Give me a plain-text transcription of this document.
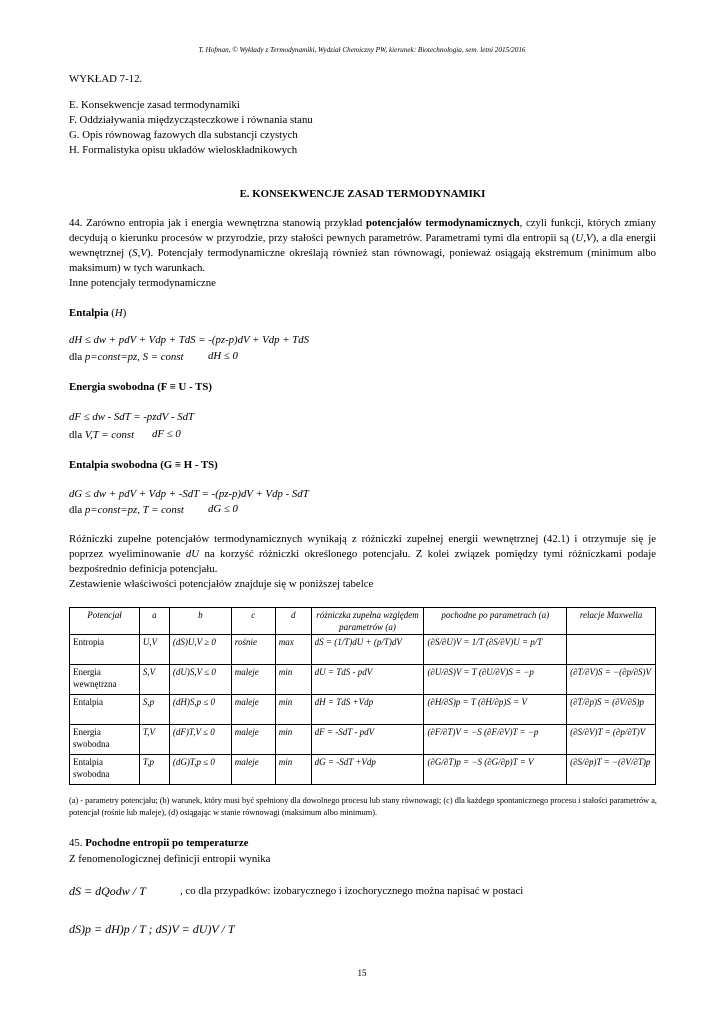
T. Hofman, © Wykłady z Termodynamiki, Wydział Chemiczny PW, kierunek: Biotechnologia, sem. letni 2015/2016
WYKŁAD 7-12.
E. Konsekwencje zasad termodynamiki
F. Oddziaływania międzycząsteczkowe i równania stanu
G. Opis równowag fazowych dla substancji czystych
H. Formalistyka opisu układów wieloskładnikowych
E. KONSEKWENCJE ZASAD TERMODYNAMIKI
44. Zarówno entropia jak i energia wewnętrzna stanowią przykład potencjałów termodynamicznych, czyli funkcji, których zmiany decydują o kierunku procesów w przyrodzie, przy stałości pewnych parametrów. Parametrami tymi dla entropii są (U,V), a dla energii wewnętrznej (S,V). Potencjały termodynamiczne określają również stan równowagi, ponieważ osiągają ekstremum (minimum albo maksimum) w tych warunkach.
Inne potencjały termodynamiczne
Entalpia (H)
dH ≤ dw + pdV + Vdp + TdS = -(pz-p)dV + Vdp + TdS
dla p=const=pz, S = const dH ≤ 0
Energia swobodna (F ≡ U - TS)
dF ≤ dw - SdT = -pzdV - SdT
dla V,T = const dF ≤ 0
Entalpia swobodna (G ≡ H - TS)
dG ≤ dw + pdV + Vdp + -SdT = -(pz-p)dV + Vdp - SdT
dla p=const=pz, T = const dG ≤ 0
Różniczki zupełne potencjałów termodynamicznych wynikają z różniczki zupełnej energii wewnętrznej (42.1) i otrzymuje się je poprzez wyeliminowanie dU na korzyść różniczki określonego potencjału. Z kolei związek pomiędzy tymi różniczkami podaje bezpośrednio definicja potencjału.
Zestawienie właściwości potencjałów znajduje się w poniższej tabelce
Potencjał	a	b	c	d	różniczka zupełna względem parametrów (a)	pochodne po parametrach (a)	relacje Maxwella
Entropia	U,V	(dS)U,V ≥ 0	rośnie	max	dS = (1/T)dU + (p/T)dV	(∂S/∂U)V = 1/T (∂S/∂V)U = p/T	
Energia wewnętrzna	S,V	(dU)S,V ≤ 0	maleje	min	dU = TdS - pdV	(∂U/∂S)V = T (∂U/∂V)S = −p	(∂T/∂V)S = −(∂p/∂S)V
Entalpia	S,p	(dH)S,p ≤ 0	maleje	min	dH = TdS +Vdp	(∂H/∂S)p = T (∂H/∂p)S = V	(∂T/∂p)S = (∂V/∂S)p
Energia swobodna	T,V	(dF)T,V ≤ 0	maleje	min	dF = -SdT - pdV	(∂F/∂T)V = −S (∂F/∂V)T = −p	(∂S/∂V)T = (∂p/∂T)V
Entalpia swobodna	T,p	(dG)T,p ≤ 0	maleje	min	dG = -SdT +Vdp	(∂G/∂T)p = −S (∂G/∂p)T = V	(∂S/∂p)T = −(∂V/∂T)p
(a) - parametry potencjału; (b) warunek, który musi być spełniony dla dowolnego procesu lub stany równowagi; (c) dla każdego spontanicznego procesu i stałości parametrów a, potencjał (rośnie lub maleje), (d) osiągając w stanie równowagi (maksimum albo minimum).
45. Pochodne entropii po temperaturze
Z fenomenologicznej definicji entropii wynika
dS = dQodw / T	, co dla przypadków: izobarycznego i izochorycznego można napisać w postaci
dS)p = dH)p / T ; dS)V = dU)V / T
15
